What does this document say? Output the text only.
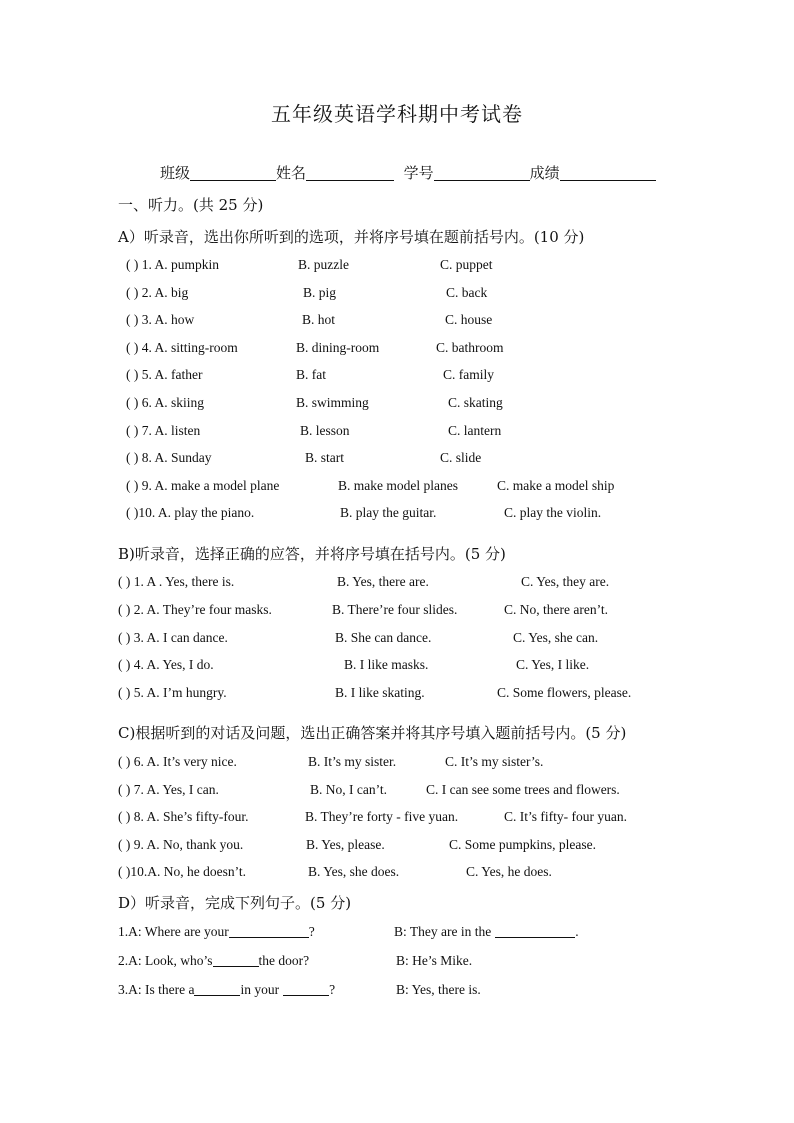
五年级英语学科期中考试卷
班级	姓名	学号	成绩
一、听力。(共 25 分)
A）听录音，选出你所听到的选项，并将序号填在题前括号内。(10 分)
( ) 1. A. pumpkin	B. puzzle	C. puppet
( ) 2. A. big	B. pig	C. back
( ) 3. A. how	B. hot	C. house
( ) 4. A. sitting-room	B. dining-room	C. bathroom
( ) 5. A. father	B. fat	C. family
( ) 6. A. skiing	B. swimming	C. skating
( ) 7. A. listen	B. lesson	C. lantern
( ) 8. A. Sunday	B. start	C. slide
( ) 9. A. make a model plane	B. make model planes	C. make a model ship
( )10. A. play the piano.	B. play the guitar.	C. play the violin.
B)听录音，选择正确的应答，并将序号填在括号内。(5 分)
( ) 1. A . Yes, there is.	B. Yes, there are.	C. Yes, they are.
( ) 2. A. They’re four masks.	B. There’re four slides.	C. No, there aren’t.
( ) 3. A. I can dance.	B. She can dance.	C. Yes, she can.
( ) 4. A. Yes, I do.	B. I like masks.	C. Yes, I like.
( ) 5. A. I’m hungry.	B. I like skating.	C. Some flowers, please.
C)根据听到的对话及问题，选出正确答案并将其序号填入题前括号内。(5 分)
( ) 6. A. It’s very nice.	B. It’s my sister.	C. It’s my sister’s.
( ) 7. A. Yes, I can.	B. No, I can’t.	C. I can see some trees and flowers.
( ) 8. A. She’s fifty-four.	B. They’re forty - five yuan.	C. It’s fifty- four yuan.
( ) 9. A. No, thank you.	B. Yes, please.	C. Some pumpkins, please.
( )10.A. No, he doesn’t.	B. Yes, she does.	C. Yes, he does.
D）听录音，完成下列句子。(5 分)
1.A: Where are your	?	B: They are in the	.
2.A: Look, who’s	the door?	B: He’s Mike.
3.A: Is there a	in your	?	B: Yes, there is.
